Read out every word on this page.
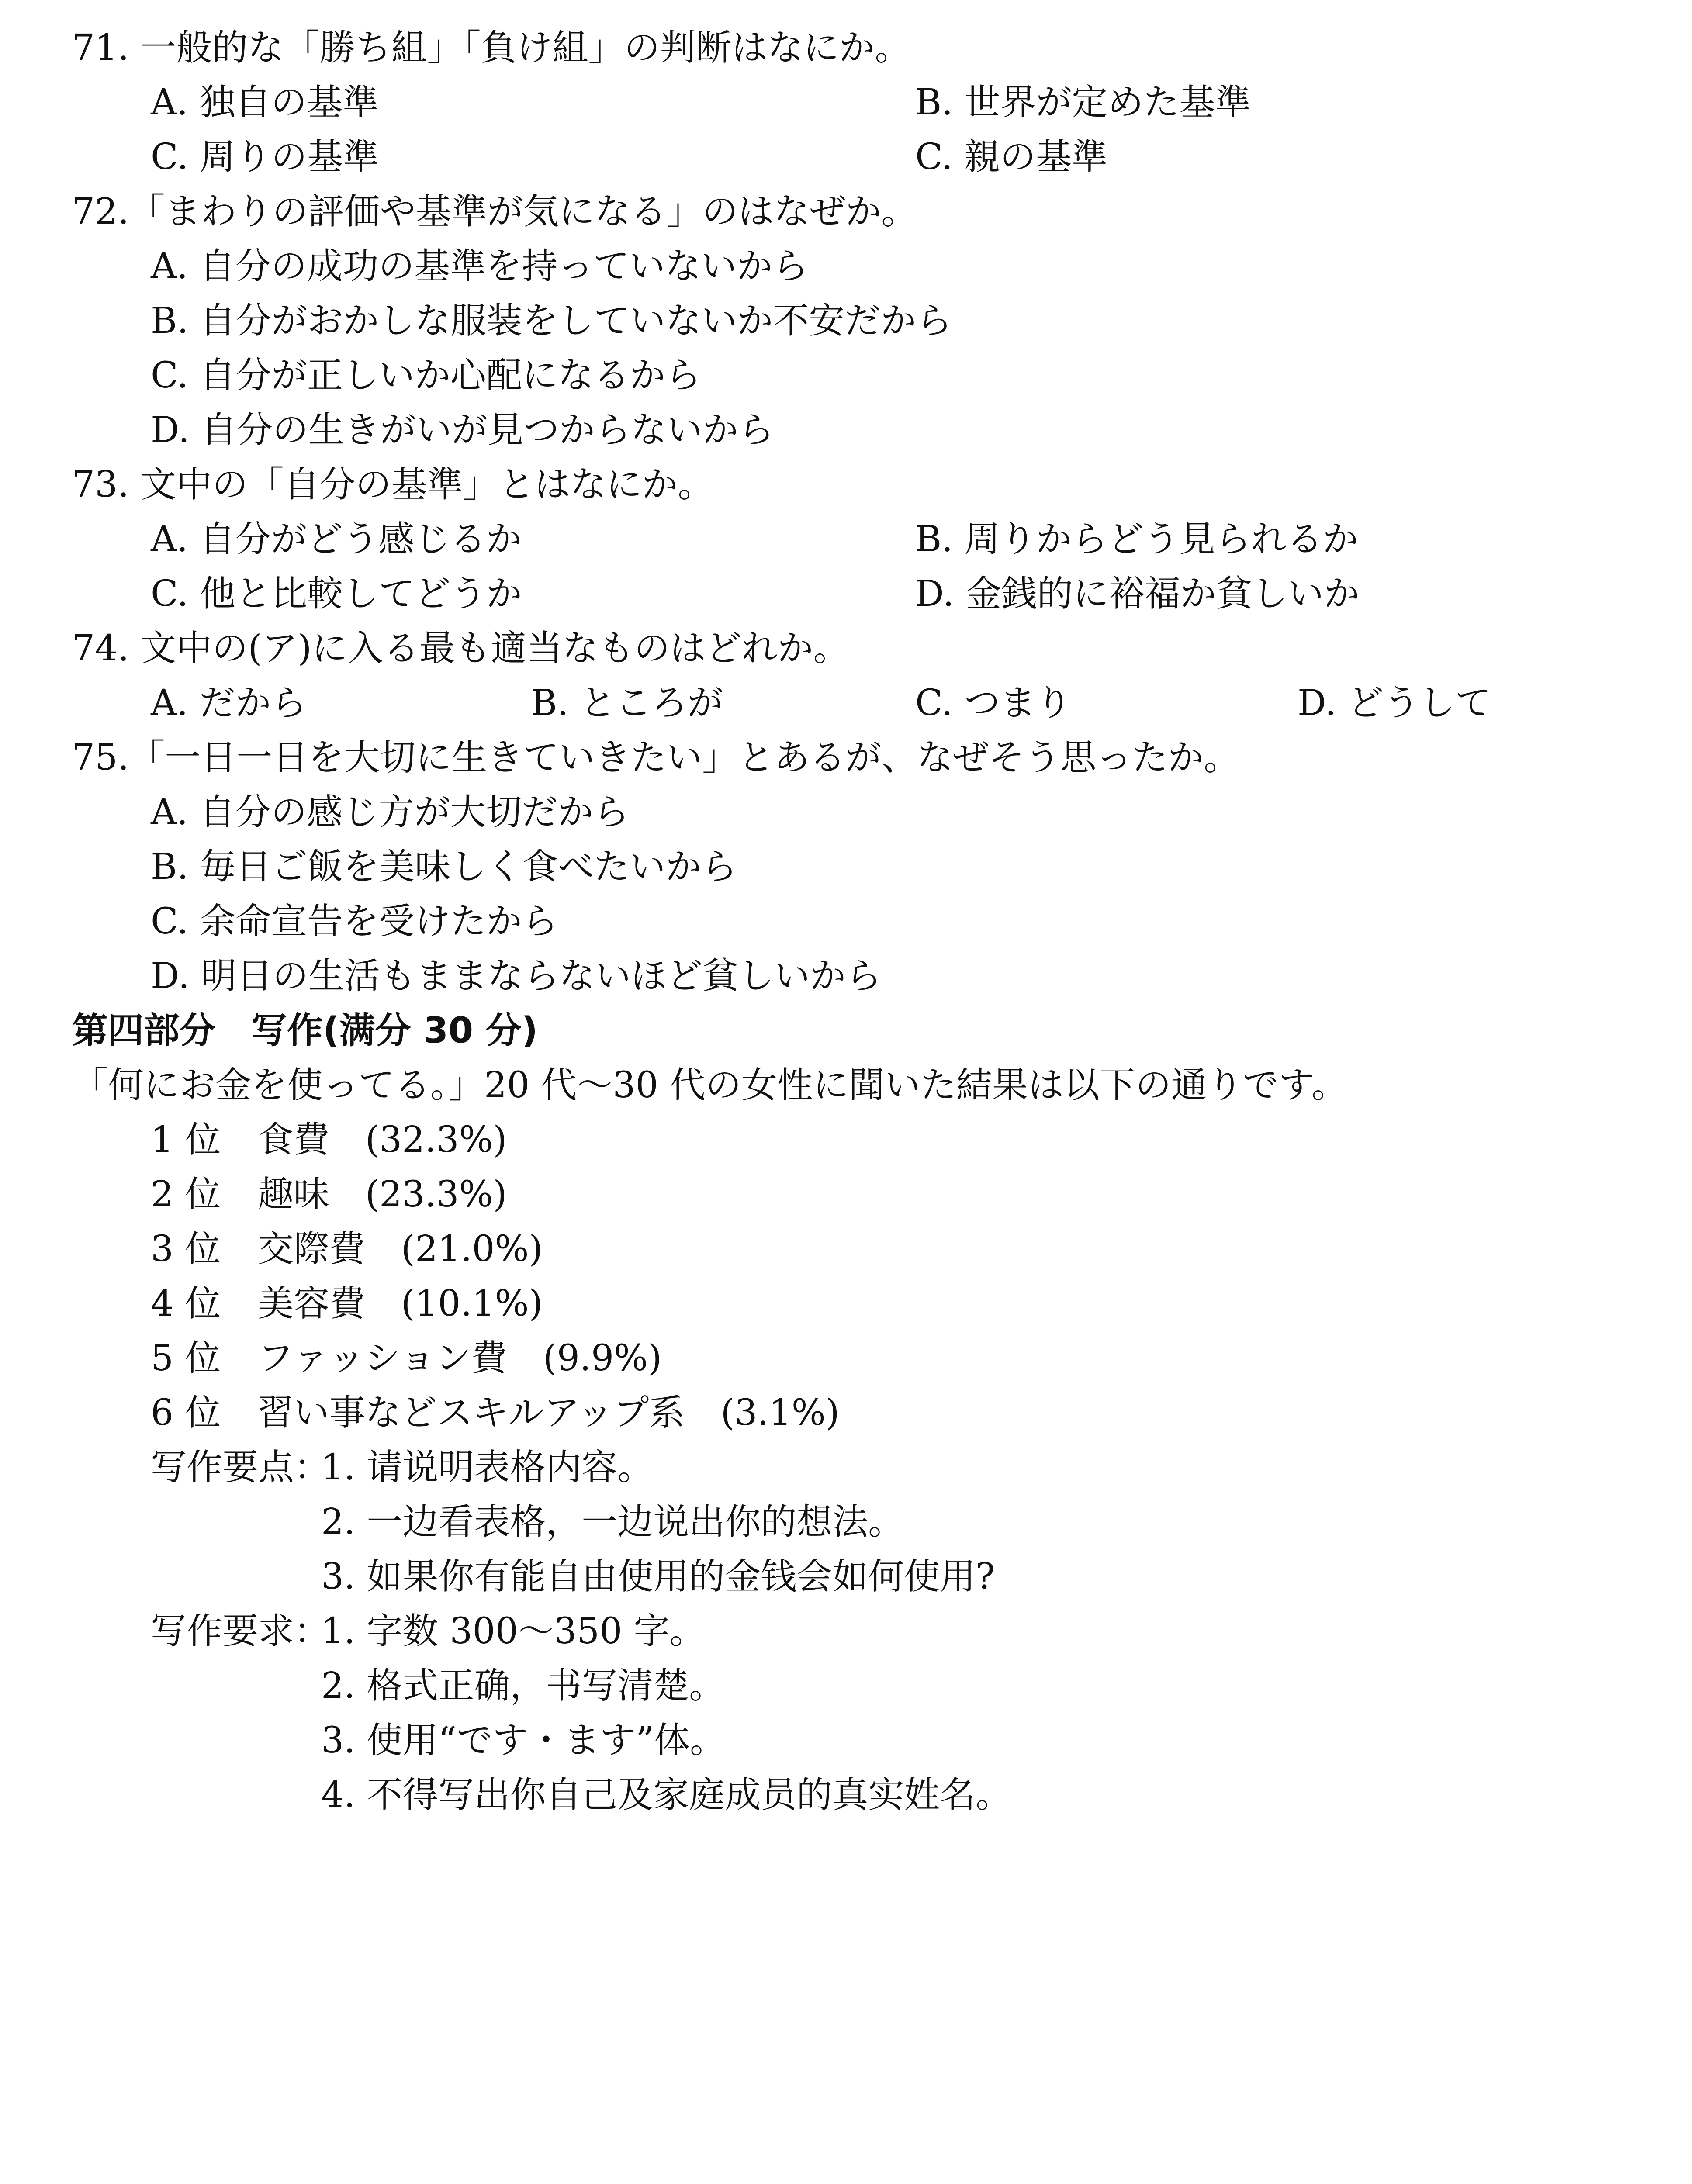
71. 一般的な「勝ち組」「負け組」の判断はなにか。
A. 独自の基準	B. 世界が定めた基準
C. 周りの基準	C. 親の基準
72.「まわりの評価や基準が気になる」のはなぜか。
A. 自分の成功の基準を持っていないから
B. 自分がおかしな服装をしていないか不安だから
C. 自分が正しいか心配になるから
D. 自分の生きがいが見つからないから
73. 文中の「自分の基準」とはなにか。
A. 自分がどう感じるか	B. 周りからどう見られるか
C. 他と比較してどうか	D. 金銭的に裕福か貧しいか
74. 文中の(ア)に入る最も適当なものはどれか。
A. だから	B. ところが	C. つまり	D. どうして
75.「一日一日を大切に生きていきたい」とあるが、なぜそう思ったか。
A. 自分の感じ方が大切だから
B. 毎日ご飯を美味しく食べたいから
C. 余命宣告を受けたから
D. 明日の生活もままならないほど貧しいから
第四部分　写作(满分 30 分)
「何にお金を使ってる。」20 代～30 代の女性に聞いた結果は以下の通りです。
1 位 食費　(32.3%)
2 位 趣味　(23.3%)
3 位 交際費　(21.0%)
4 位 美容費　(10.1%)
5 位 ファッション費　(9.9%)
6 位 習い事などスキルアップ系　(3.1%)
写作要点：
1. 请说明表格内容。
2. 一边看表格，一边说出你的想法。
3. 如果你有能自由使用的金钱会如何使用?
写作要求：
1. 字数 300～350 字。
2. 格式正确，书写清楚。
3. 使用“です・ます”体。
4. 不得写出你自己及家庭成员的真实姓名。
